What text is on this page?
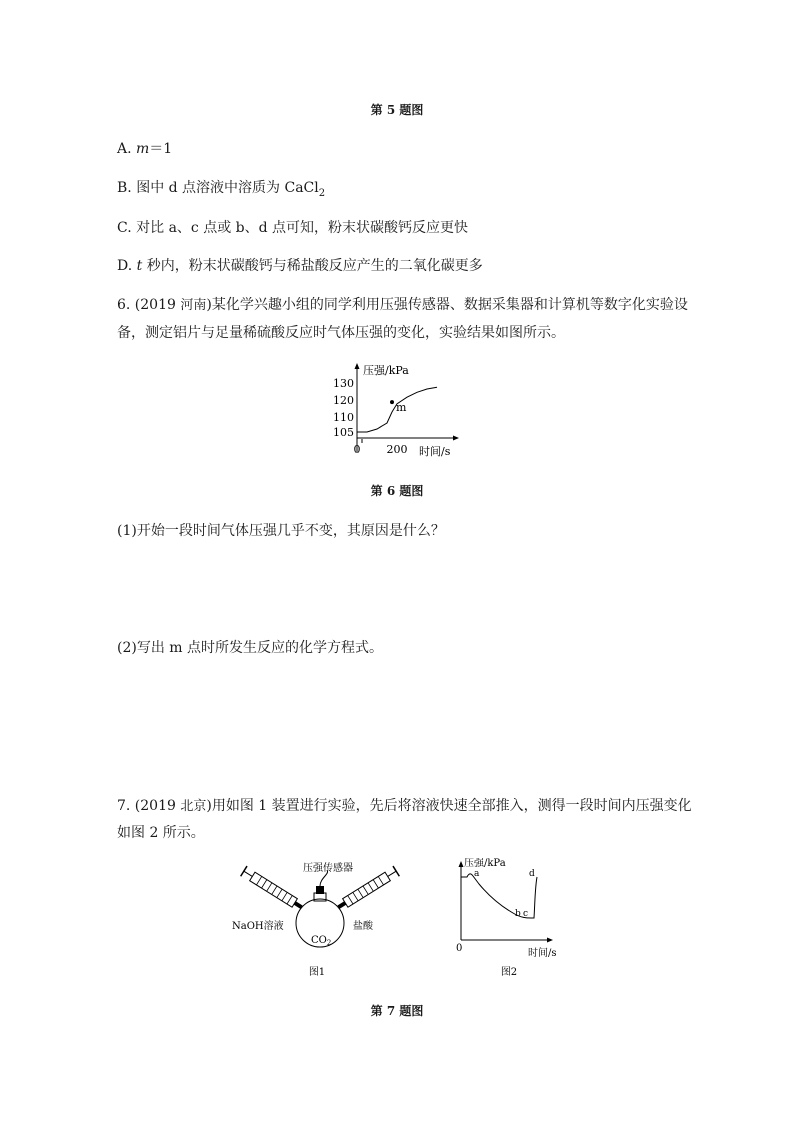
第 5 题图
A. m＝1
B. 图中 d 点溶液中溶质为 CaCl$_2$
C. 对比 a、c 点或 b、d 点可知，粉末状碳酸钙反应更快
D. t 秒内，粉末状碳酸钙与稀盐酸反应产生的二氧化碳更多
6. (2019 河南)某化学兴趣小组的同学利用压强传感器、数据采集器和计算机等数字化实验设
备，测定铝片与足量稀硫酸反应时气体压强的变化，实验结果如图所示。
压强/kPa
105
110
120
130
0 200 时间/s
m
第 6 题图
(1)开始一段时间气体压强几乎不变，其原因是什么？
(2)写出 m 点时所发生反应的化学方程式。
7. (2019 北京)用如图 1 装置进行实验，先后将溶液快速全部推入，测得一段时间内压强变化
如图 2 所示。
压强传感器
NaOH溶液	盐酸
$CO_2$
图1
压强/kPa
时间/s
0
a
b c
d
图2
第 7 题图
